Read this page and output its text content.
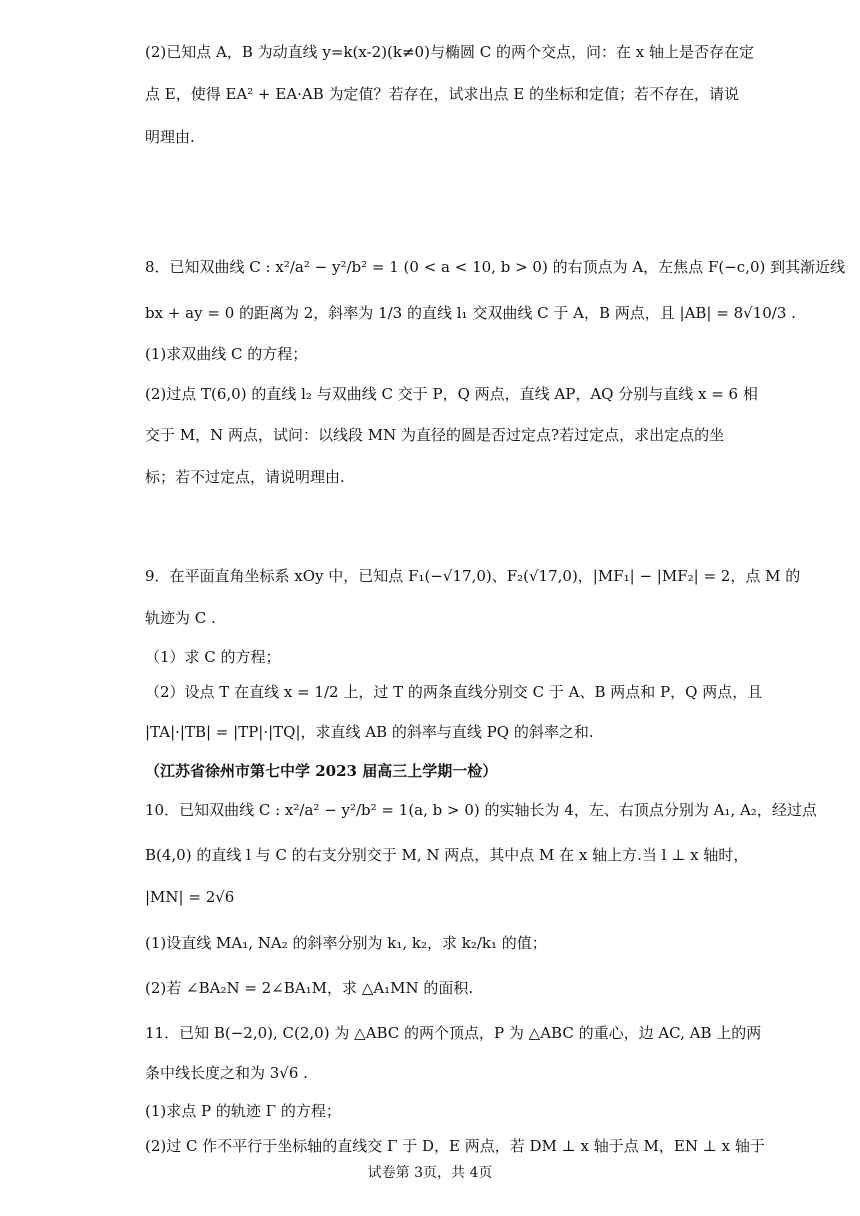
(2)已知点 A，B 为动直线 y=k(x-2)(k≠0)与椭圆 C 的两个交点，问：在 x 轴上是否存在定
点 E，使得 EA² + EA·AB 为定值？若存在，试求出点 E 的坐标和定值；若不存在，请说
明理由.
8．已知双曲线 C : x²/a² − y²/b² = 1 (0 < a < 10, b > 0) 的右顶点为 A，左焦点 F(−c,0) 到其渐近线
bx + ay = 0 的距离为 2，斜率为 1/3 的直线 l₁ 交双曲线 C 于 A，B 两点，且 |AB| = 8√10/3 .
(1)求双曲线 C 的方程；
(2)过点 T(6,0) 的直线 l₂ 与双曲线 C 交于 P，Q 两点，直线 AP，AQ 分别与直线 x = 6 相
交于 M，N 两点，试问：以线段 MN 为直径的圆是否过定点?若过定点，求出定点的坐
标；若不过定点，请说明理由.
9．在平面直角坐标系 xOy 中，已知点 F₁(−√17,0)、F₂(√17,0)，|MF₁| − |MF₂| = 2，点 M 的
轨迹为 C .
（1）求 C 的方程；
（2）设点 T 在直线 x = 1/2 上，过 T 的两条直线分别交 C 于 A、B 两点和 P，Q 两点，且
|TA|·|TB| = |TP|·|TQ|，求直线 AB 的斜率与直线 PQ 的斜率之和.
（江苏省徐州市第七中学 2023 届高三上学期一检）
10．已知双曲线 C : x²/a² − y²/b² = 1(a, b > 0) 的实轴长为 4，左、右顶点分别为 A₁, A₂，经过点
B(4,0) 的直线 l 与 C 的右支分别交于 M, N 两点，其中点 M 在 x 轴上方.当 l ⊥ x 轴时，
|MN| = 2√6
(1)设直线 MA₁, NA₂ 的斜率分别为 k₁, k₂，求 k₂/k₁ 的值；
(2)若 ∠BA₂N = 2∠BA₁M，求 △A₁MN 的面积.
11．已知 B(−2,0), C(2,0) 为 △ABC 的两个顶点，P 为 △ABC 的重心，边 AC, AB 上的两
条中线长度之和为 3√6 .
(1)求点 P 的轨迹 Γ 的方程；
(2)过 C 作不平行于坐标轴的直线交 Γ 于 D，E 两点，若 DM ⊥ x 轴于点 M，EN ⊥ x 轴于
试卷第 3页，共 4页
